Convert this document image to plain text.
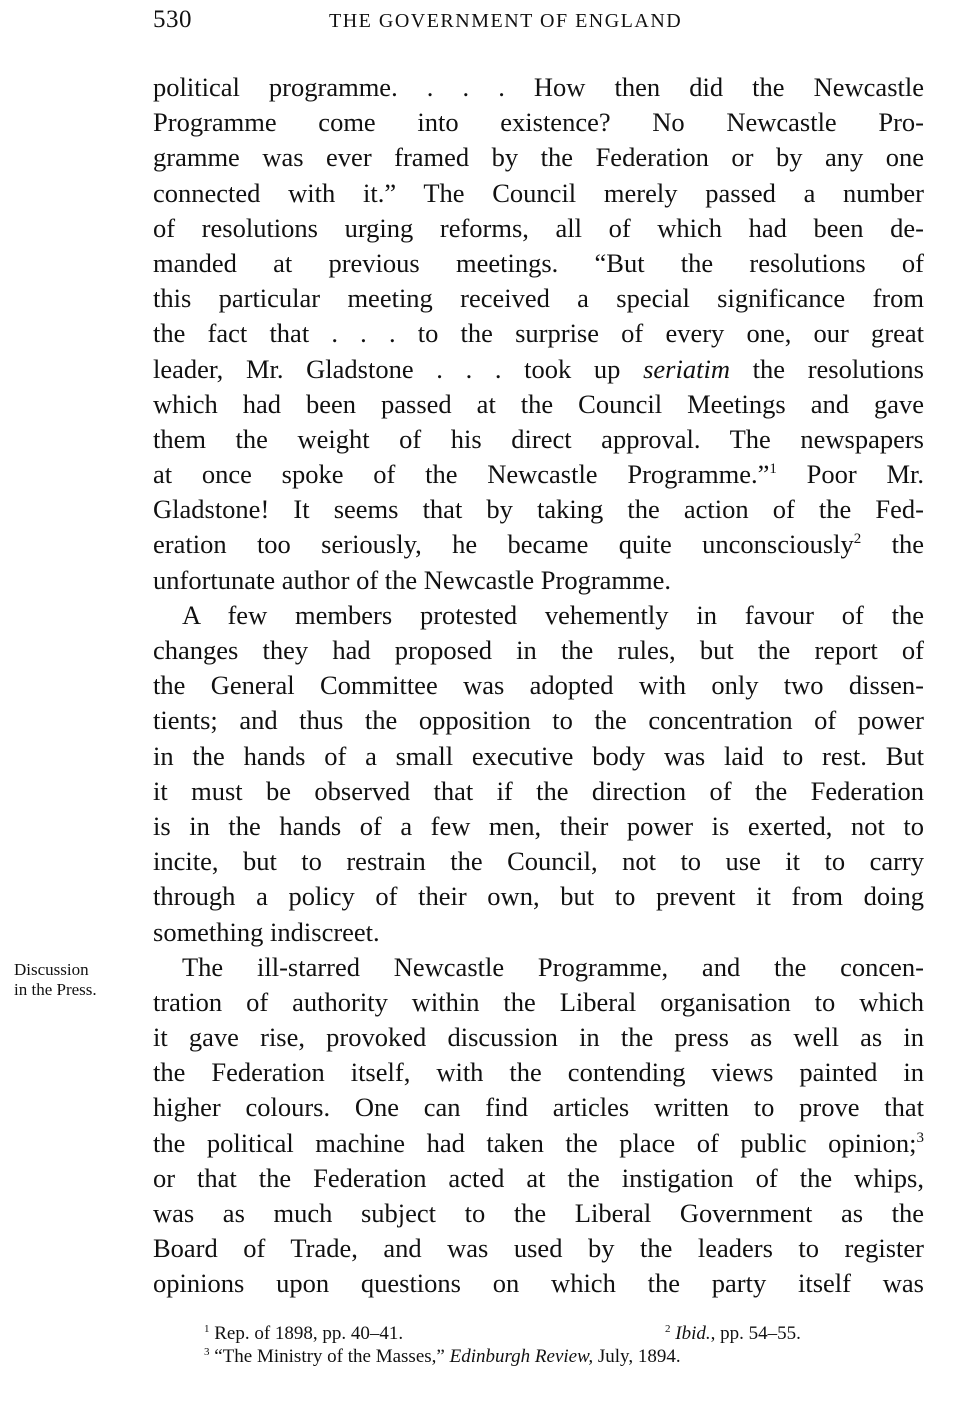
530	THE GOVERNMENT OF ENGLAND
Discussion
in the Press.
political programme. . . . How then did the Newcastle
Programme come into existence? No Newcastle Pro-
gramme was ever framed by the Federation or by any one
connected with it.” The Council merely passed a number
of resolutions urging reforms, all of which had been de-
manded at previous meetings. “But the resolutions of
this particular meeting received a special significance from
the fact that . . . to the surprise of every one, our great
leader, Mr. Gladstone . . . took up seriatim the resolutions
which had been passed at the Council Meetings and gave
them the weight of his direct approval. The newspapers
at once spoke of the Newcastle Programme.”$^1$ Poor Mr.
Gladstone! It seems that by taking the action of the Fed-
eration too seriously, he became quite unconsciously$^2$ the
unfortunate author of the Newcastle Programme.
A few members protested vehemently in favour of the
changes they had proposed in the rules, but the report of
the General Committee was adopted with only two dissen-
tients; and thus the opposition to the concentration of power
in the hands of a small executive body was laid to rest. But
it must be observed that if the direction of the Federation
is in the hands of a few men, their power is exerted, not to
incite, but to restrain the Council, not to use it to carry
through a policy of their own, but to prevent it from doing
something indiscreet.
The ill-starred Newcastle Programme, and the concen-
tration of authority within the Liberal organisation to which
it gave rise, provoked discussion in the press as well as in
the Federation itself, with the contending views painted in
higher colours. One can find articles written to prove that
the political machine had taken the place of public opinion;$^3$
or that the Federation acted at the instigation of the whips,
was as much subject to the Liberal Government as the
Board of Trade, and was used by the leaders to register
opinions upon questions on which the party itself was
$^1$ Rep. of 1898, pp. 40–41.	$^2$ Ibid., pp. 54–55.
$^3$ “The Ministry of the Masses,” Edinburgh Review, July, 1894.
